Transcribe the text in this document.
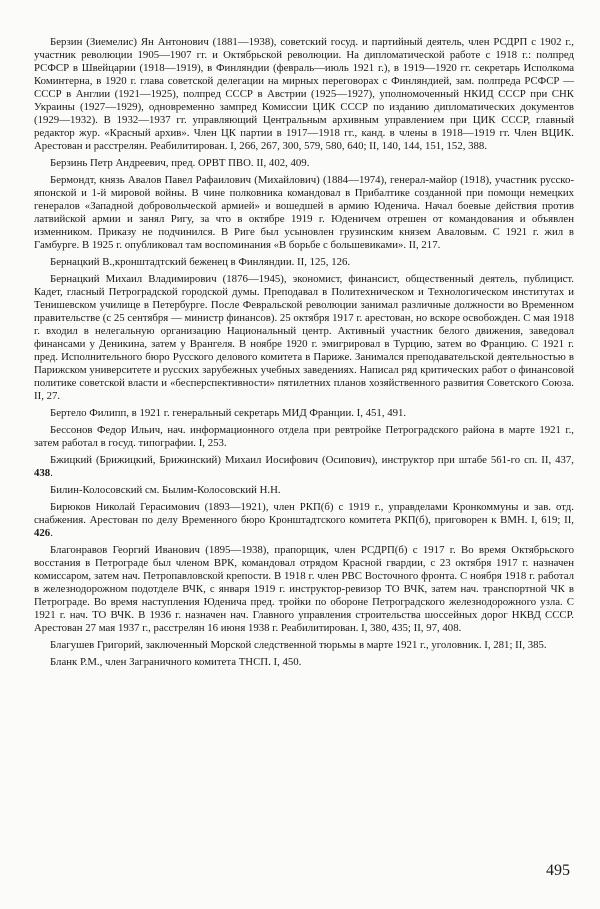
Берзин (Зиемелис) Ян Антонович (1881—1938), советский госуд. и партийный деятель, член РСДРП с 1902 г., участник революции 1905—1907 гг. и Октябрьской революции. На дипломатической работе с 1918 г.: полпред РСФСР в Швейцарии (1918—1919), в Финляндии (февраль—июль 1921 г.), в 1919—1920 гг. секретарь Исполкома Коминтерна, в 1920 г. глава советской делегации на мирных переговорах с Финляндией, зам. полпреда РСФСР — СССР в Англии (1921—1925), полпред СССР в Австрии (1925—1927), уполномоченный НКИД СССР при СНК Украины (1927—1929), одновременно зампред Комиссии ЦИК СССР по изданию дипломатических документов (1929—1932). В 1932—1937 гг. управляющий Центральным архивным управлением при ЦИК СССР, главный редактор жур. «Красный архив». Член ЦК партии в 1917—1918 гг., канд. в члены в 1918—1919 гг. Член ВЦИК. Арестован и расстрелян. Реабилитирован. I, 266, 267, 300, 579, 580, 640; II, 140, 144, 151, 152, 388.

Берзинь Петр Андреевич, пред. ОРВТ ПВО. II, 402, 409.

Бермондт, князь Авалов Павел Рафаилович (Михайлович) (1884—1974), генерал-майор (1918), участник русско-японской и 1-й мировой войны. В чине полковника командовал в Прибалтике созданной при помощи немецких генералов «Западной добровольческой армией» и вошедшей в армию Юденича. Начал боевые действия против латвийской армии и занял Ригу, за что в октябре 1919 г. Юденичем отрешен от командования и объявлен изменником. Приказу не подчинился. В Риге был усыновлен грузинским князем Аваловым. С 1921 г. жил в Гамбурге. В 1925 г. опубликовал там воспоминания «В борьбе с большевиками». II, 217.

Бернацкий В.,кронштадтский беженец в Финляндии. II, 125, 126.

Бернацкий Михаил Владимирович (1876—1945), экономист, финансист, общественный деятель, публицист. Кадет, гласный Петроградской городской думы. Преподавал в Политехническом и Технологическом институтах и Тенишевском училище в Петербурге. После Февральской революции занимал различные должности во Временном правительстве (с 25 сентября — министр финансов). 25 октября 1917 г. арестован, но вскоре освобожден. С мая 1918 г. входил в нелегальную организацию Национальный центр. Активный участник белого движения, заведовал финансами у Деникина, затем у Врангеля. В ноябре 1920 г. эмигрировал в Турцию, затем во Францию. С 1921 г. пред. Исполнительного бюро Русского делового комитета в Париже. Занимался преподавательской деятельностью в Парижском университете и русских зарубежных учебных заведениях. Написал ряд критических работ о финансовой политике советской власти и «бесперспективности» пятилетних планов хозяйственного развития Советского Союза. II, 27.

Бертело Филипп, в 1921 г. генеральный секретарь МИД Франции. I, 451, 491.

Бессонов Федор Ильич, нач. информационного отдела при ревтройке Петроградского района в марте 1921 г., затем работал в госуд. типографии. I, 253.

Бжицкий (Брижицкий, Брижинский) Михаил Иосифович (Осипович), инструктор при штабе 561-го сп. II, 437, 438.

Билин-Колосовский см. Былим-Колосовский Н.Н.

Бирюков Николай Герасимович (1893—1921), член РКП(б) с 1919 г., управделами Кронкоммуны и зав. отд. снабжения. Арестован по делу Временного бюро Кронштадтского комитета РКП(б), приговорен к ВМН. I, 619; II, 426.

Благонравов Георгий Иванович (1895—1938), прапорщик, член РСДРП(б) с 1917 г. Во время Октябрьского восстания в Петрограде был членом ВРК, командовал отрядом Красной гвардии, с 23 октября 1917 г. назначен комиссаром, затем нач. Петропавловской крепости. В 1918 г. член РВС Восточного фронта. С ноября 1918 г. работал в железнодорожном подотделе ВЧК, с января 1919 г. инструктор-ревизор ТО ВЧК, затем нач. транспортной ЧК в Петрограде. Во время наступления Юденича пред. тройки по обороне Петроградского железнодорожного узла. С 1921 г. нач. ТО ВЧК. В 1936 г. назначен нач. Главного управления строительства шоссейных дорог НКВД СССР. Арестован 27 мая 1937 г., расстрелян 16 июня 1938 г. Реабилитирован. I, 380, 435; II, 97, 408.

Благушев Григорий, заключенный Морской следственной тюрьмы в марте 1921 г., уголовник. I, 281; II, 385.

Бланк Р.М., член Заграничного комитета ТНСП. I, 450.

495
